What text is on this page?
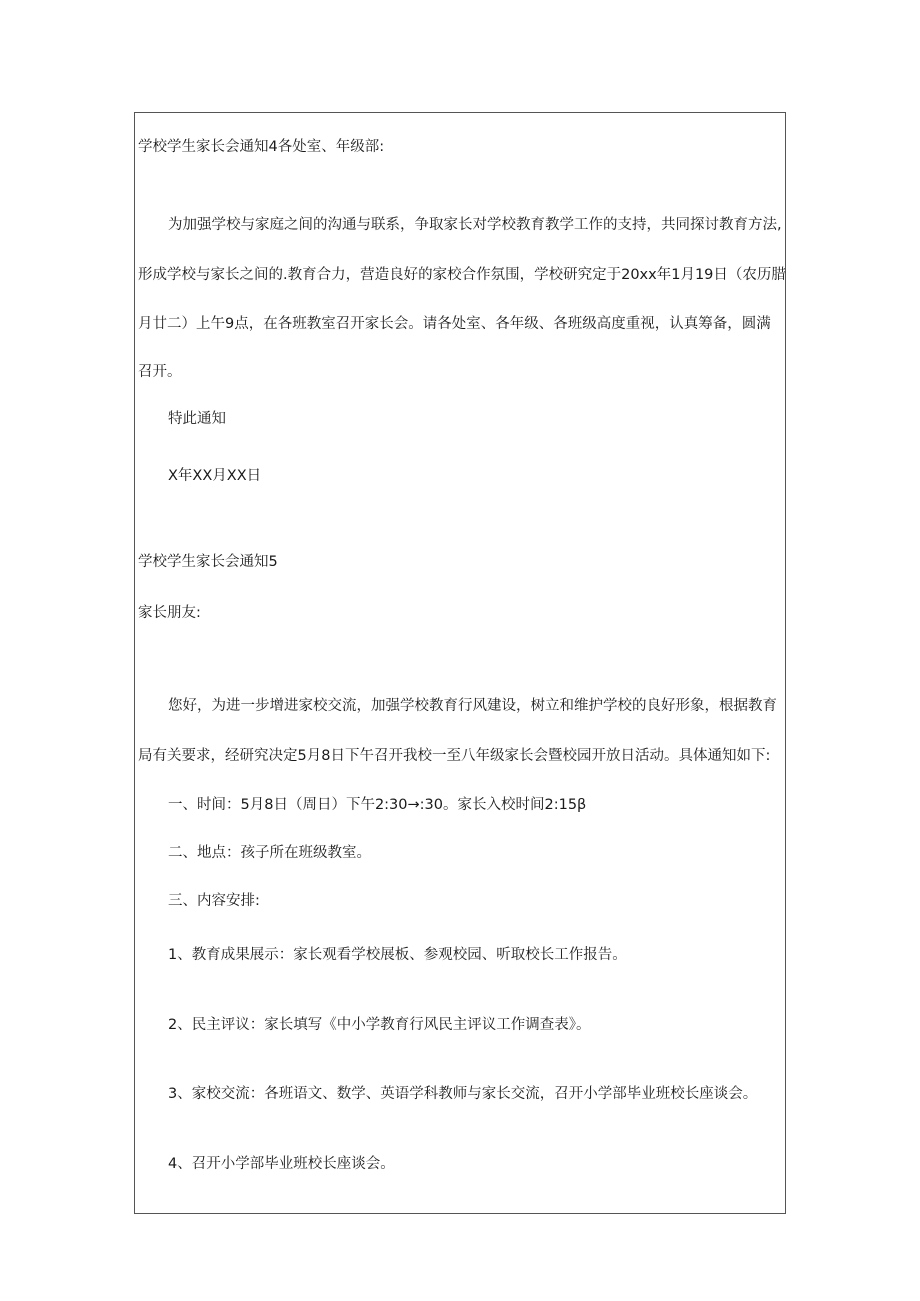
学校学生家长会通知4各处室、年级部:
为加强学校与家庭之间的沟通与联系，争取家长对学校教育教学工作的支持，共同探讨教育方法,
形成学校与家长之间的.教育合力，营造良好的家校合作氛围，学校研究定于20xx年1月19日（农历腊
月廿二）上午9点，在各班教室召开家长会。请各处室、各年级、各班级高度重视，认真筹备，圆满
召开。
特此通知
X年XX月XX日
学校学生家长会通知5
家长朋友:
您好，为进一步增进家校交流，加强学校教育行风建设，树立和维护学校的良好形象，根据教育
局有关要求，经研究决定5月8日下午召开我校一至八年级家长会暨校园开放日活动。具体通知如下:
一、时间：5月8日（周日）下午2:30→:30。家长入校时间2:15β
二、地点：孩子所在班级教室。
三、内容安排:
1、教育成果展示：家长观看学校展板、参观校园、听取校长工作报告。
2、民主评议：家长填写《中小学教育行风民主评议工作调查表》。
3、家校交流：各班语文、数学、英语学科教师与家长交流，召开小学部毕业班校长座谈会。
4、召开小学部毕业班校长座谈会。
